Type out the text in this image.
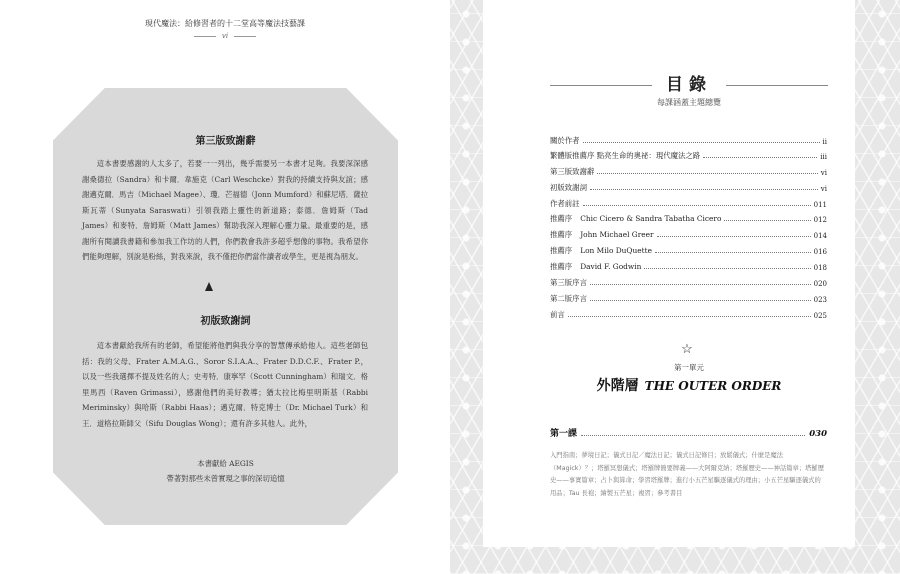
現代魔法：給修習者的十二堂高等魔法技藝課
vi
第三版致謝辭
這本書要感謝的人太多了，若要一一列出，幾乎需要另一本書才足夠。我要深深感謝桑德拉（Sandra）和卡爾．韋施克（Carl Weschcke）對我的持續支持與友誼；感謝邁克爾．馬吉（Michael Magee）、瓊．芒福德（Jonn Mumford）和蘇尼塔．薩拉斯瓦蒂（Sunyata Saraswati）引領我踏上靈性的新道路；泰德．詹姆斯（Tad James）和麥特．詹姆斯（Matt James）幫助我深入理解心靈力量。最重要的是，感謝所有閱讀我書籍和參加我工作坊的人們，你們教會我許多超乎想像的事物。我希望你們能夠理解，別說是粉絲，對我來說，我不僅把你們當作讀者或學生，更是視為朋友。
初版致謝詞
這本書獻給我所有的老師，希望能將他們與我分享的智慧傳承給他人。這些老師包括：我的父母、Frater A.M.A.G.、Soror S.I.A.A.、Frater D.D.C.F.、Frater P.，以及一些我選擇不提及姓名的人；史考特．康寧罕（Scott Cunningham）和瑞文．格里馬西（Raven Grimassi），感謝他們的美好教導；猶太拉比梅里明斯基（Rabbi Meriminsky）與哈斯（Rabbi Haas）；邁克爾．特克博士（Dr. Michael Turk）和王．道格拉斯師父（Sifu Douglas Wong）；還有許多其他人。此外，
本書獻給 AEGIS
帶著對那些未曾實現之事的深切追憶
目錄
每課涵蓋主題總覽
關於作者	ii
繁體版推薦序 點亮生命的奧祕：現代魔法之路	iii
第三版致謝辭	vi
初版致謝詞	vi
作者前註	011
推薦序 Chic Cicero & Sandra Tabatha Cicero	012
推薦序 John Michael Greer	014
推薦序 Lon Milo DuQuette	016
推薦序 David F. Godwin	018
第三版序言	020
第二版序言	023
前言	025
☆
第一單元
外階層 THE OUTER ORDER
第一課	030
入門指南；夢境日記；儀式日記／魔法日記；儀式日記條目；放鬆儀式；什麼是魔法（Magick）？；塔羅冥想儀式；塔羅牌簡要牌義——大阿爾克納；塔羅歷史——神話篇章；塔羅歷史——事實篇章；占卜與算命；學習塔羅牌；進行小五芒星驅逐儀式的理由；小五芒星驅逐儀式的用品；Tau 長袍；繪製五芒星；複習；參考書目
